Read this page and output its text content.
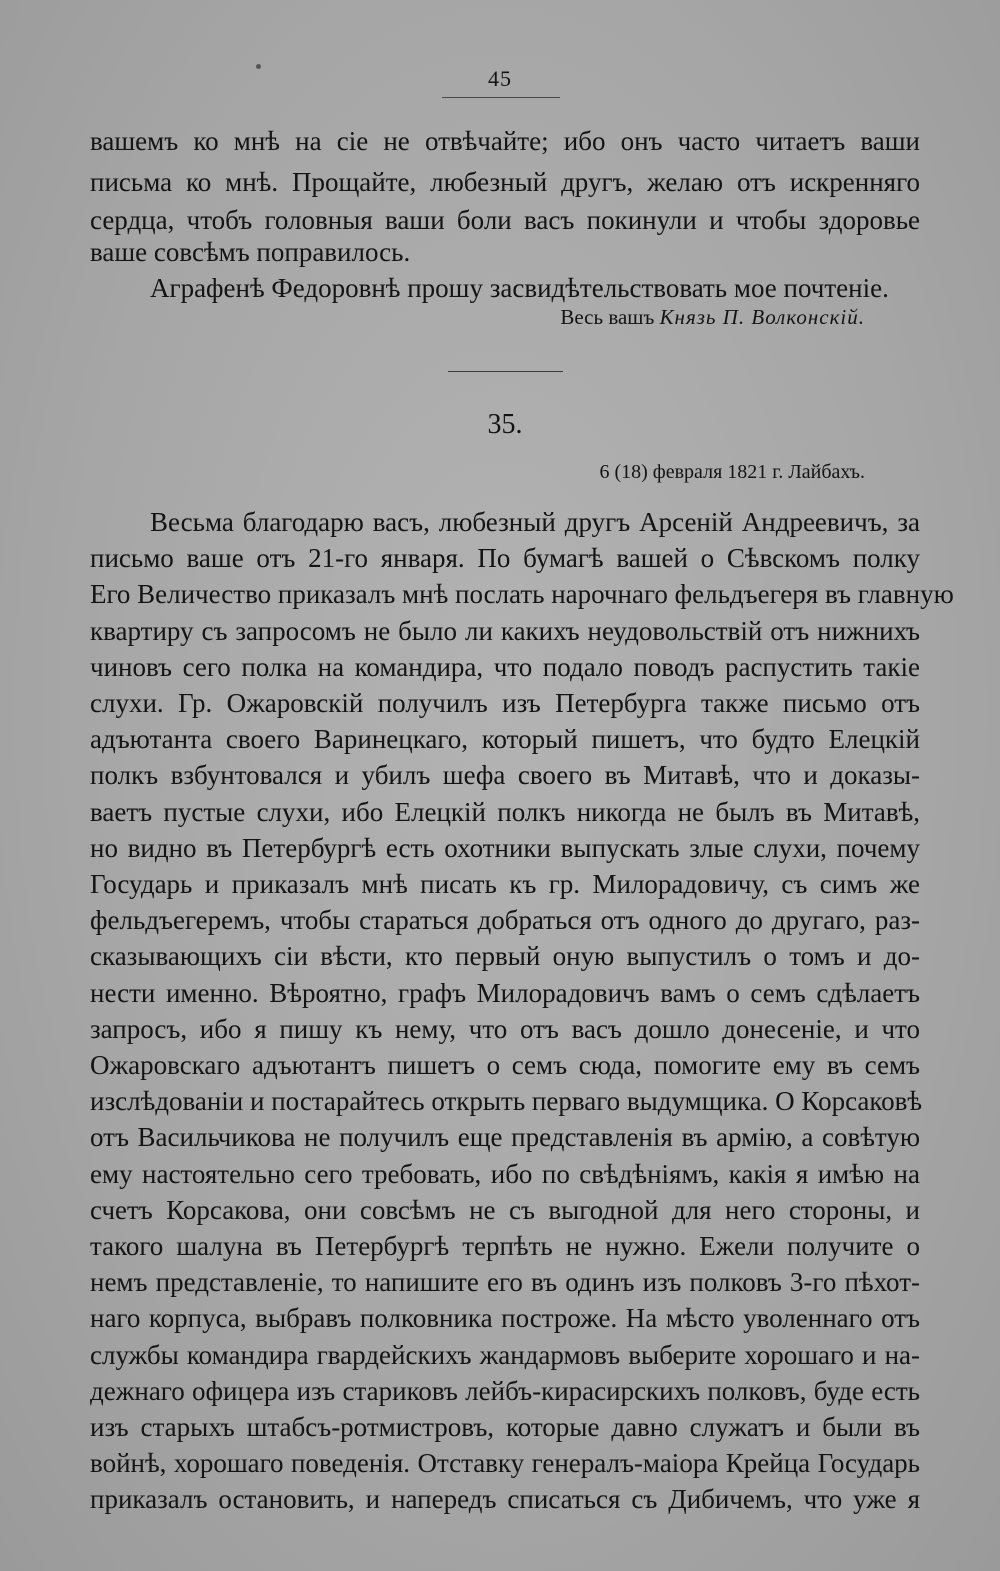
45
вашемъ ко мнѣ на сіе не отвѣчайте; ибо онъ часто читаетъ ваши
письма ко мнѣ. Прощайте, любезный другъ, желаю отъ искренняго
сердца, чтобъ головныя ваши боли васъ покинули и чтобы здоровье
ваше совсѣмъ поправилось.
Аграфенѣ Федоровнѣ прошу засвидѣтельствовать мое почтеніе.
Весь вашъ Князь П. Волконскій.
35.
6 (18) февраля 1821 г. Лайбахъ.
Весьма благодарю васъ, любезный другъ Арсеній Андреевичъ, за
письмо ваше отъ 21-го января. По бумагѣ вашей о Сѣвскомъ полку
Его Величество приказалъ мнѣ послать нарочнаго фельдъегеря въ главную
квартиру съ запросомъ не было ли какихъ неудовольствій отъ нижнихъ
чиновъ сего полка на командира, что подало поводъ распустить такіе
слухи. Гр. Ожаровскій получилъ изъ Петербурга также письмо отъ
адъютанта своего Варинецкаго, который пишетъ, что будто Елецкій
полкъ взбунтовался и убилъ шефа своего въ Митавѣ, что и доказы-
ваетъ пустые слухи, ибо Елецкій полкъ никогда не былъ въ Митавѣ,
но видно въ Петербургѣ есть охотники выпускать злые слухи, почему
Государь и приказалъ мнѣ писать къ гр. Милорадовичу, съ симъ же
фельдъегеремъ, чтобы стараться добраться отъ одного до другаго, раз-
сказывающихъ сіи вѣсти, кто первый оную выпустилъ о томъ и до-
нести именно. Вѣроятно, графъ Милорадовичъ вамъ о семъ сдѣлаетъ
запросъ, ибо я пишу къ нему, что отъ васъ дошло донесеніе, и что
Ожаровскаго адъютантъ пишетъ о семъ сюда, помогите ему въ семъ
изслѣдованіи и постарайтесь открыть перваго выдумщика. О Корсаковѣ
отъ Васильчикова не получилъ еще представленія въ армію, а совѣтую
ему настоятельно сего требовать, ибо по свѣдѣніямъ, какія я имѣю на
счетъ Корсакова, они совсѣмъ не съ выгодной для него стороны, и
такого шалуна въ Петербургѣ терпѣть не нужно. Ежели получите о
немъ представленіе, то напишите его въ одинъ изъ полковъ 3-го пѣхот-
наго корпуса, выбравъ полковника построже. На мѣсто уволеннаго отъ
службы командира гвардейскихъ жандармовъ выберите хорошаго и на-
дежнаго офицера изъ стариковъ лейбъ-кирасирскихъ полковъ, буде есть
изъ старыхъ штабсъ-ротмистровъ, которые давно служатъ и были въ
войнѣ, хорошаго поведенія. Отставку генералъ-маіора Крейца Государь
приказалъ остановить, и напередъ списаться съ Дибичемъ, что уже я
